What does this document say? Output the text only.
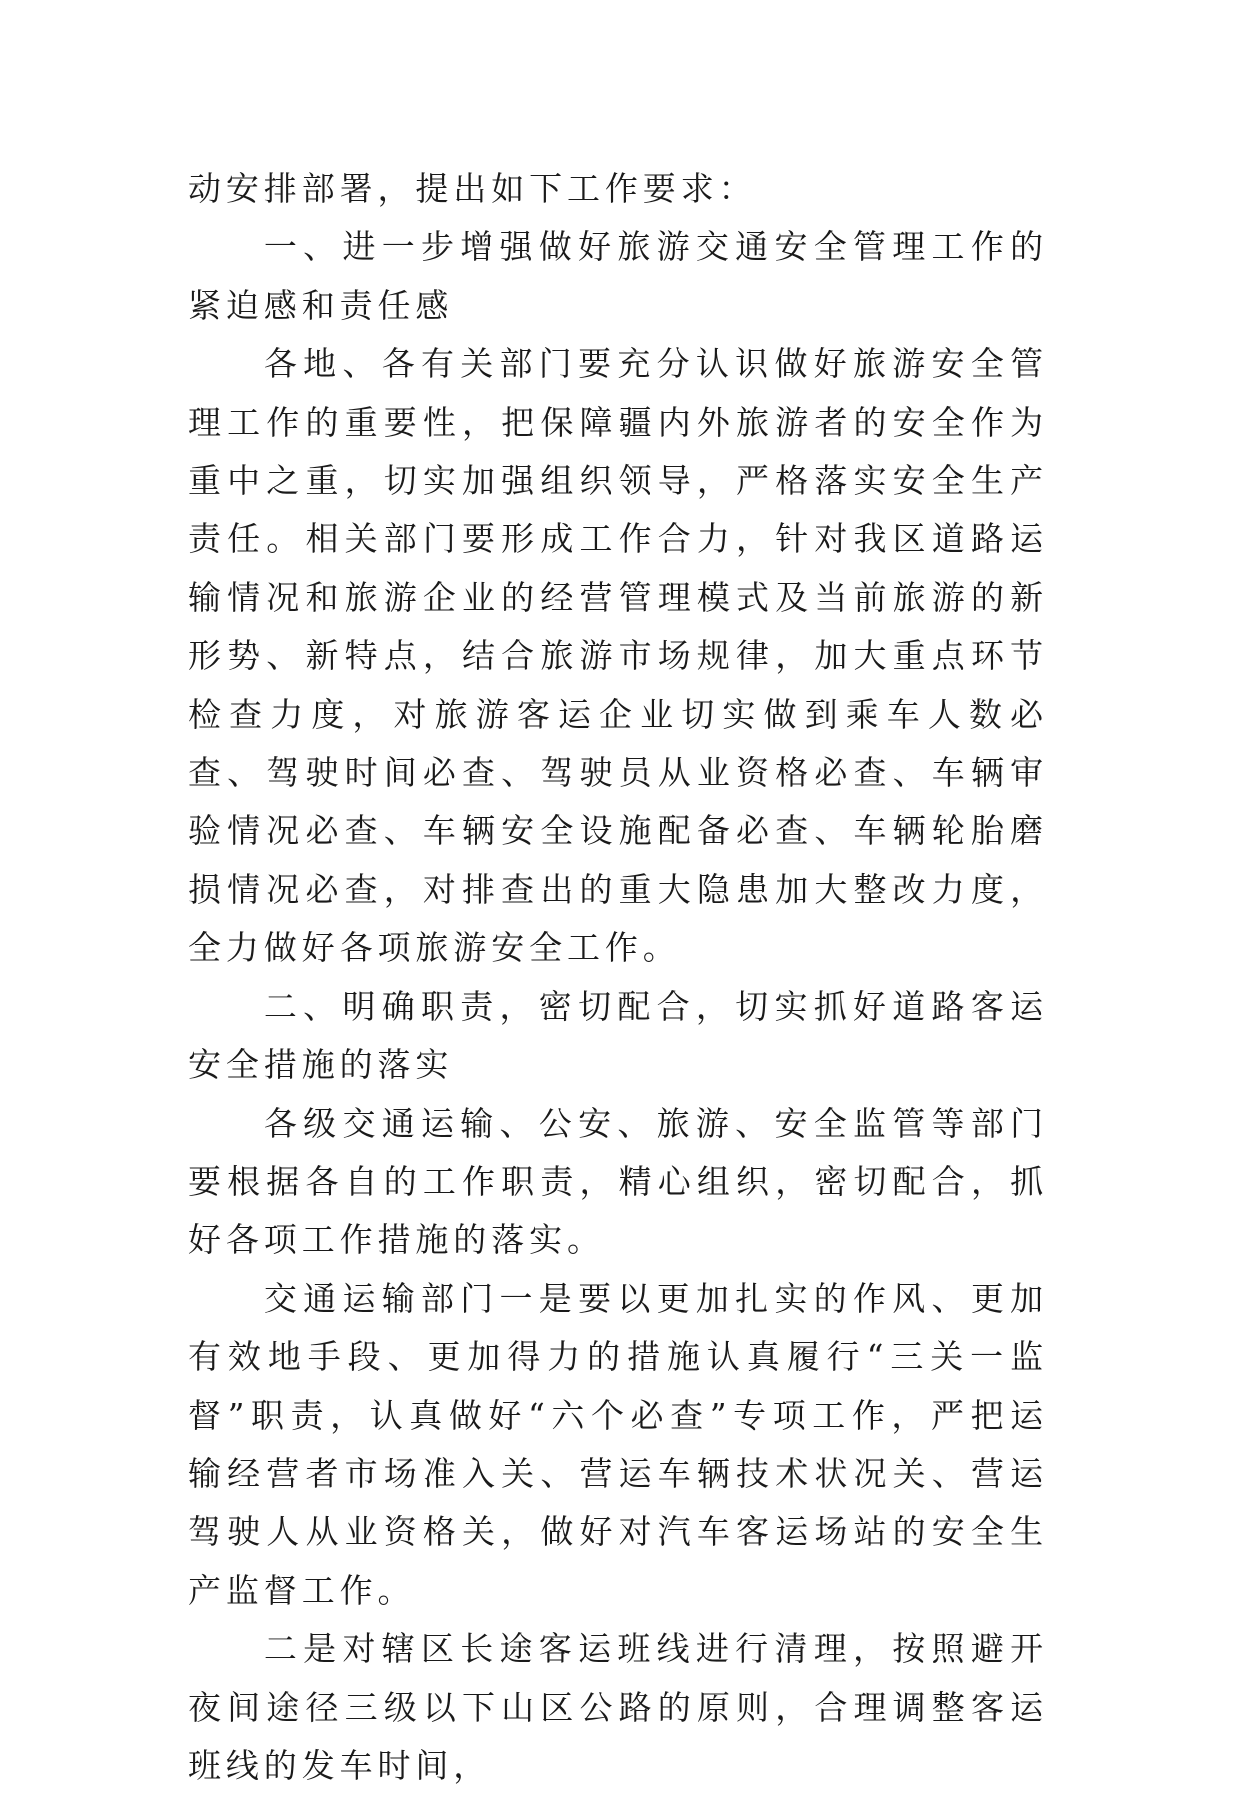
动安排部署，提出如下工作要求：

一、进一步增强做好旅游交通安全管理工作的紧迫感和责任感

各地、各有关部门要充分认识做好旅游安全管理工作的重要性，把保障疆内外旅游者的安全作为重中之重，切实加强组织领导，严格落实安全生产责任。相关部门要形成工作合力，针对我区道路运输情况和旅游企业的经营管理模式及当前旅游的新形势、新特点，结合旅游市场规律，加大重点环节检查力度，对旅游客运企业切实做到乘车人数必查、驾驶时间必查、驾驶员从业资格必查、车辆审验情况必查、车辆安全设施配备必查、车辆轮胎磨损情况必查，对排查出的重大隐患加大整改力度，全力做好各项旅游安全工作。

二、明确职责，密切配合，切实抓好道路客运安全措施的落实

各级交通运输、公安、旅游、安全监管等部门要根据各自的工作职责，精心组织，密切配合，抓好各项工作措施的落实。

交通运输部门一是要以更加扎实的作风、更加有效地手段、更加得力的措施认真履行“三关一监督”职责，认真做好“六个必查”专项工作，严把运输经营者市场准入关、营运车辆技术状况关、营运驾驶人从业资格关，做好对汽车客运场站的安全生产监督工作。

二是对辖区长途客运班线进行清理，按照避开夜间途径三级以下山区公路的原则，合理调整客运班线的发车时间，
